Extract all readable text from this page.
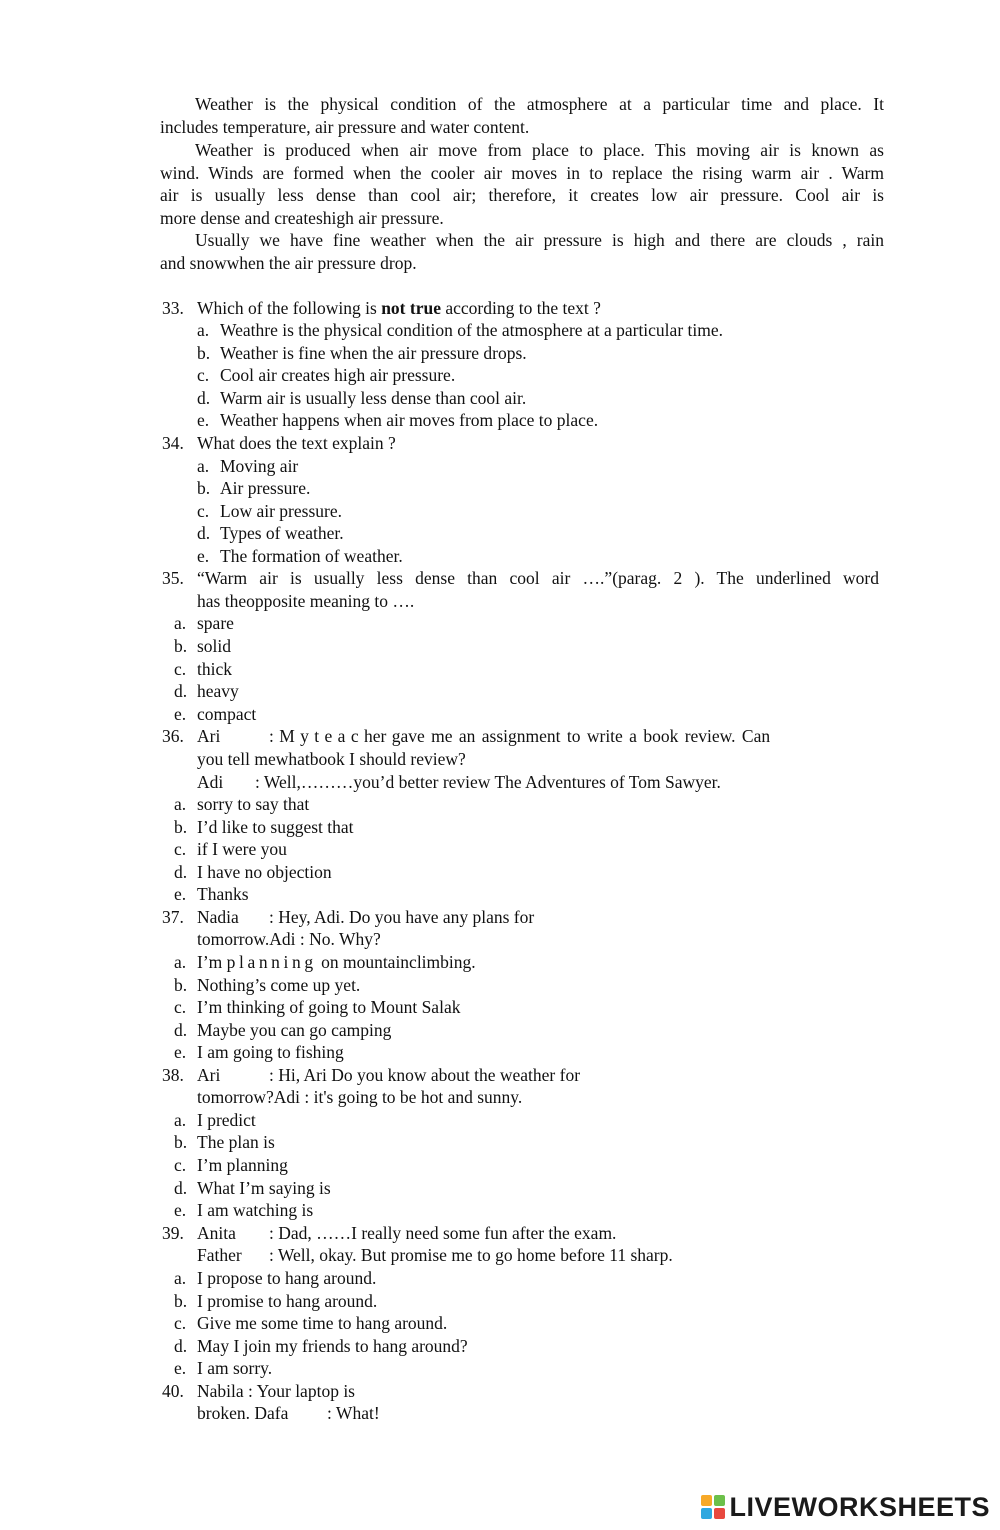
Weather is the physical condition of the atmosphere at a particular time and place. It
includes temperature, air pressure and water content.
Weather is produced when air move from place to place. This moving air is known as
wind. Winds are formed when the cooler air moves in to replace the rising warm air . Warm
air is usually less dense than cool air; therefore, it creates low air pressure. Cool air is
more dense and createshigh air pressure.
Usually we have fine weather when the air pressure is high and there are clouds , rain
and snowwhen the air pressure drop.
33. Which of the following is not true according to the text ?
a. Weathre is the physical condition of the atmosphere at a particular time.
b. Weather is fine when the air pressure drops.
c. Cool air creates high air pressure.
d. Warm air is usually less dense than cool air.
e. Weather happens when air moves from place to place.
34. What does the text explain ?
a. Moving air
b. Air pressure.
c. Low air pressure.
d. Types of weather.
e. The formation of weather.
35. “Warm air is usually less dense than cool air ….”(parag. 2 ). The underlined word
has theopposite meaning to ….
a. spare
b. solid
c. thick
d. heavy
e. compact
36. Ari	: M y t e a c her gave me an assignment to write a book review. Can
you tell mewhatbook I should review?
Adi : Well,………you’d better review The Adventures of Tom Sawyer.
a. sorry to say that
b. I’d like to suggest that
c. if I were you
d. I have no objection
e. Thanks
37. Nadia : Hey, Adi. Do you have any plans for
tomorrow.Adi : No. Why?
a. I’m planning on mountainclimbing.
b. Nothing’s come up yet.
c. I’m thinking of going to Mount Salak
d. Maybe you can go camping
e. I am going to fishing
38. Ari	: Hi, Ari Do you know about the weather for
tomorrow?Adi : it's going to be hot and sunny.
a. I predict
b. The plan is
c. I’m planning
d. What I’m saying is
e. I am watching is
39. Anita : Dad, ……I really need some fun after the exam.
Father : Well, okay. But promise me to go home before 11 sharp.
a. I propose to hang around.
b. I promise to hang around.
c. Give me some time to hang around.
d. May I join my friends to hang around?
e. I am sorry.
40. Nabila : Your laptop is
broken. Dafa : What!
LIVEWORKSHEETS
